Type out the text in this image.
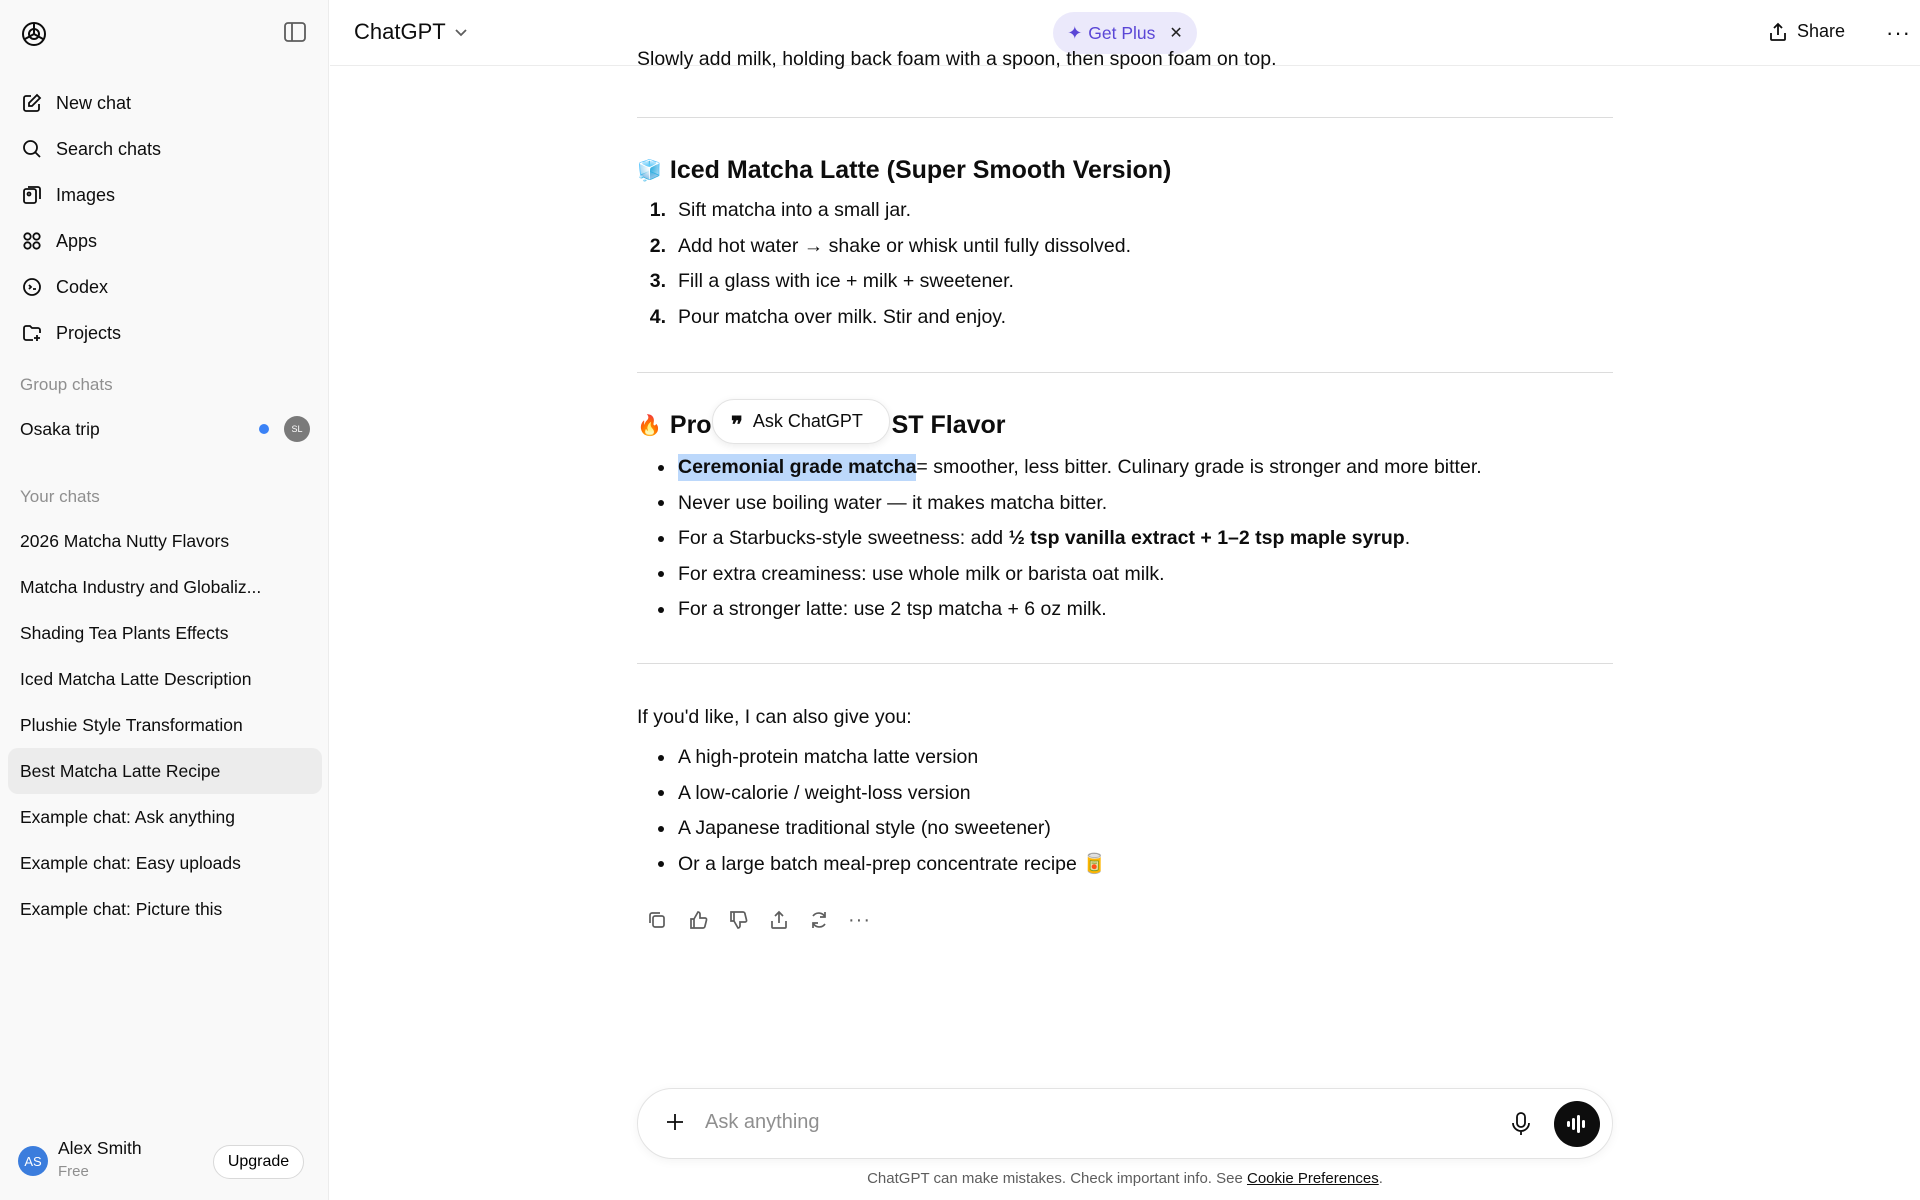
New chat
Search chats
Images
Apps
Codex
Projects
Group chats
Osaka trip	SL
Your chats
2026 Matcha Nutty Flavors
Matcha Industry and Globaliz...
Shading Tea Plants Effects
Iced Matcha Latte Description
Plushie Style Transformation
Best Matcha Latte Recipe
Example chat: Ask anything
Example chat: Easy uploads
Example chat: Picture this
AS
Alex Smith
Free
Upgrade
ChatGPT	✦ Get Plus ✕	Share ···
Slowly add milk, holding back foam with a spoon, then spoon foam on top.
🧊 Iced Matcha Latte (Super Smooth Version)
1. Sift matcha into a small jar.
2. Add hot water → shake or whisk until fully dissolved.
3. Fill a glass with ice + milk + sweetener.
4. Pour matcha over milk. Stir and enjoy.
🔥 Pro	ST Flavor
❞ Ask ChatGPT
Ceremonial grade matcha = smoother, less bitter. Culinary grade is stronger and more bitter.
Never use boiling water — it makes matcha bitter.
For a Starbucks-style sweetness: add
½ tsp vanilla extract + 1–2 tsp maple syrup .
For extra creaminess: use whole milk or barista oat milk.
For a stronger latte: use 2 tsp matcha + 6 oz milk.
If you'd like, I can also give you:
A high-protein matcha latte version
A low-calorie / weight-loss version
A Japanese traditional style (no sweetener)
Or a large batch meal-prep concentrate recipe 🥫
···
Ask anything
ChatGPT can make mistakes. Check important info. See Cookie Preferences.
